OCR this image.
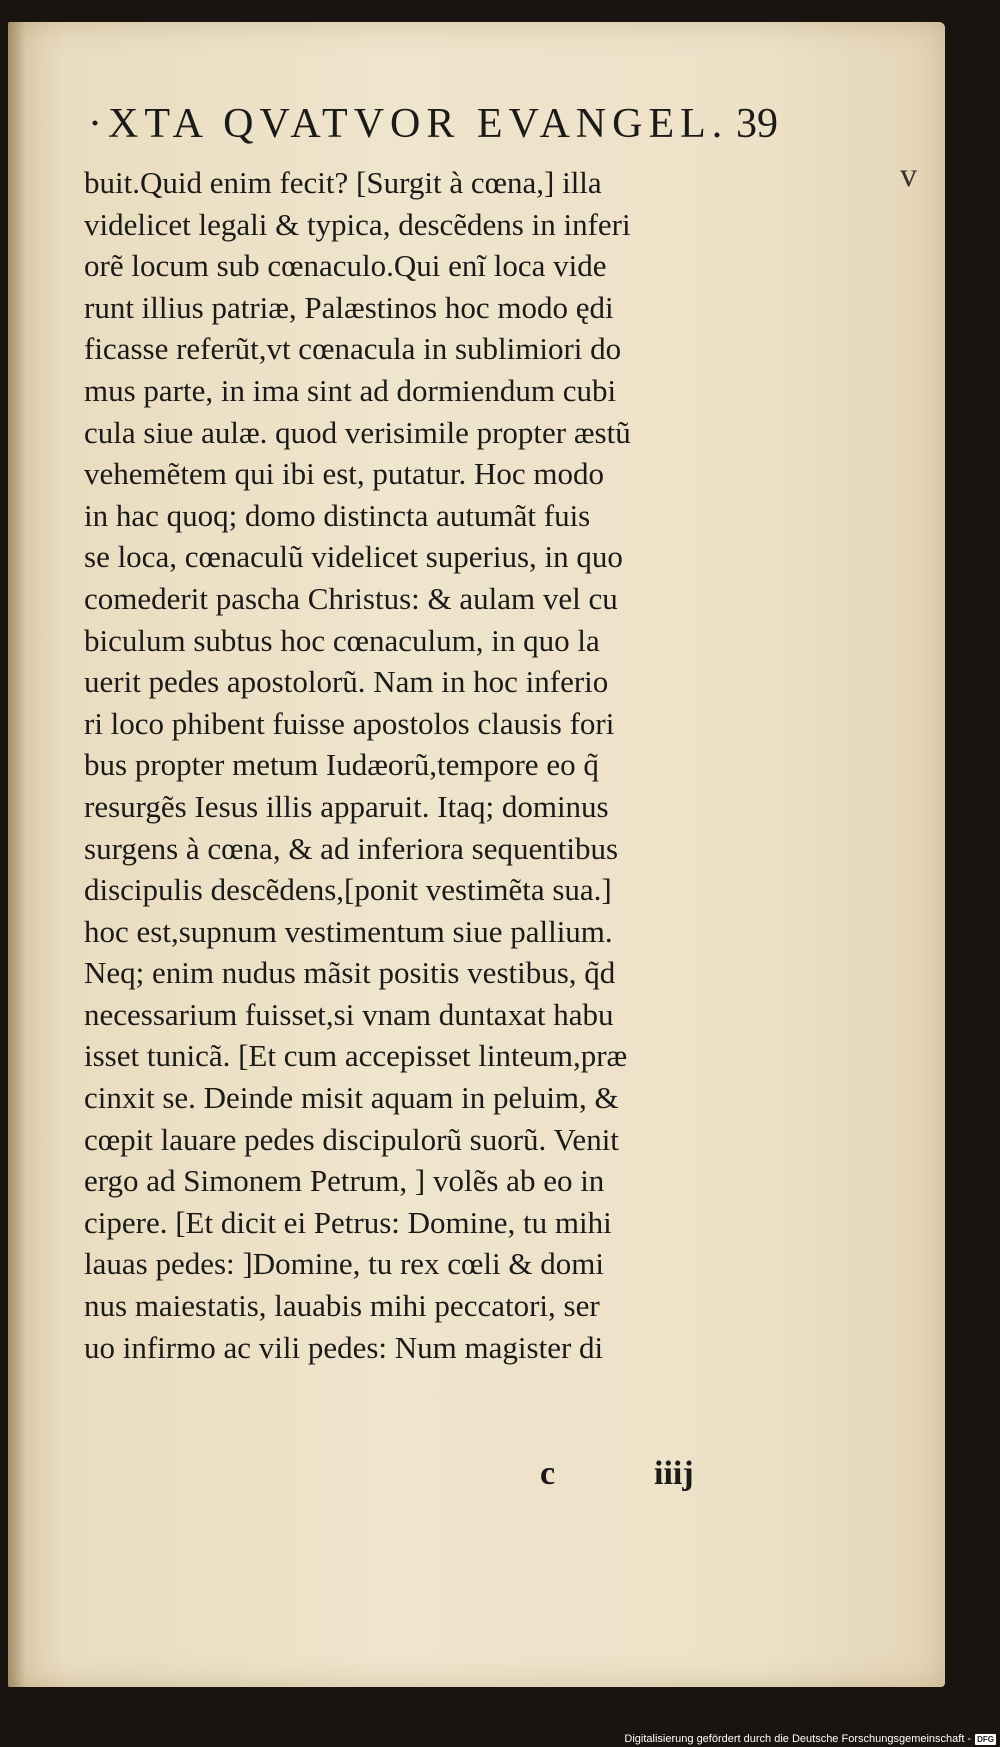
·XTA QVATVOR EVANGEL. 39
v
buit.Quid enim fecit? [Surgit à cœna,] illa
videlicet legali & typica, descẽdens in inferi
orẽ locum sub cœnaculo.Qui enĩ loca vide
runt illius patriæ, Palæstinos hoc modo ędi
ficasse referũt,vt cœnacula in sublimiori do
mus parte, in ima sint ad dormiendum cubi
cula siue aulæ. quod verisimile propter æstũ
vehemẽtem qui ibi est, putatur. Hoc modo
in hac quoq; domo distincta autumãt fuis
se loca, cœnaculũ videlicet superius, in quo
comederit pascha Christus: & aulam vel cu
biculum subtus hoc cœnaculum, in quo la
uerit pedes apostolorũ. Nam in hoc inferio
ri loco phibent fuisse apostolos clausis fori
bus propter metum Iudæorũ,tempore eo q̃
resurgẽs Iesus illis apparuit. Itaq; dominus
surgens à cœna, & ad inferiora sequentibus
discipulis descẽdens,[ponit vestimẽta sua.]
hoc est,supnum vestimentum siue pallium.
Neq; enim nudus mãsit positis vestibus, q̃d
necessarium fuisset,si vnam duntaxat habu
isset tunicã. [Et cum accepisset linteum,præ
cinxit se. Deinde misit aquam in peluim, &
cœpit lauare pedes discipulorũ suorũ. Venit
ergo ad Simonem Petrum, ] volẽs ab eo in
cipere. [Et dicit ei Petrus: Domine, tu mihi
lauas pedes: ]Domine, tu rex cœli & domi
nus maiestatis, lauabis mihi peccatori, ser
uo infirmo ac vili pedes: Num magister di
c	iiij
Digitalisierung gefördert durch die Deutsche Forschungsgemeinschaft - DFG
